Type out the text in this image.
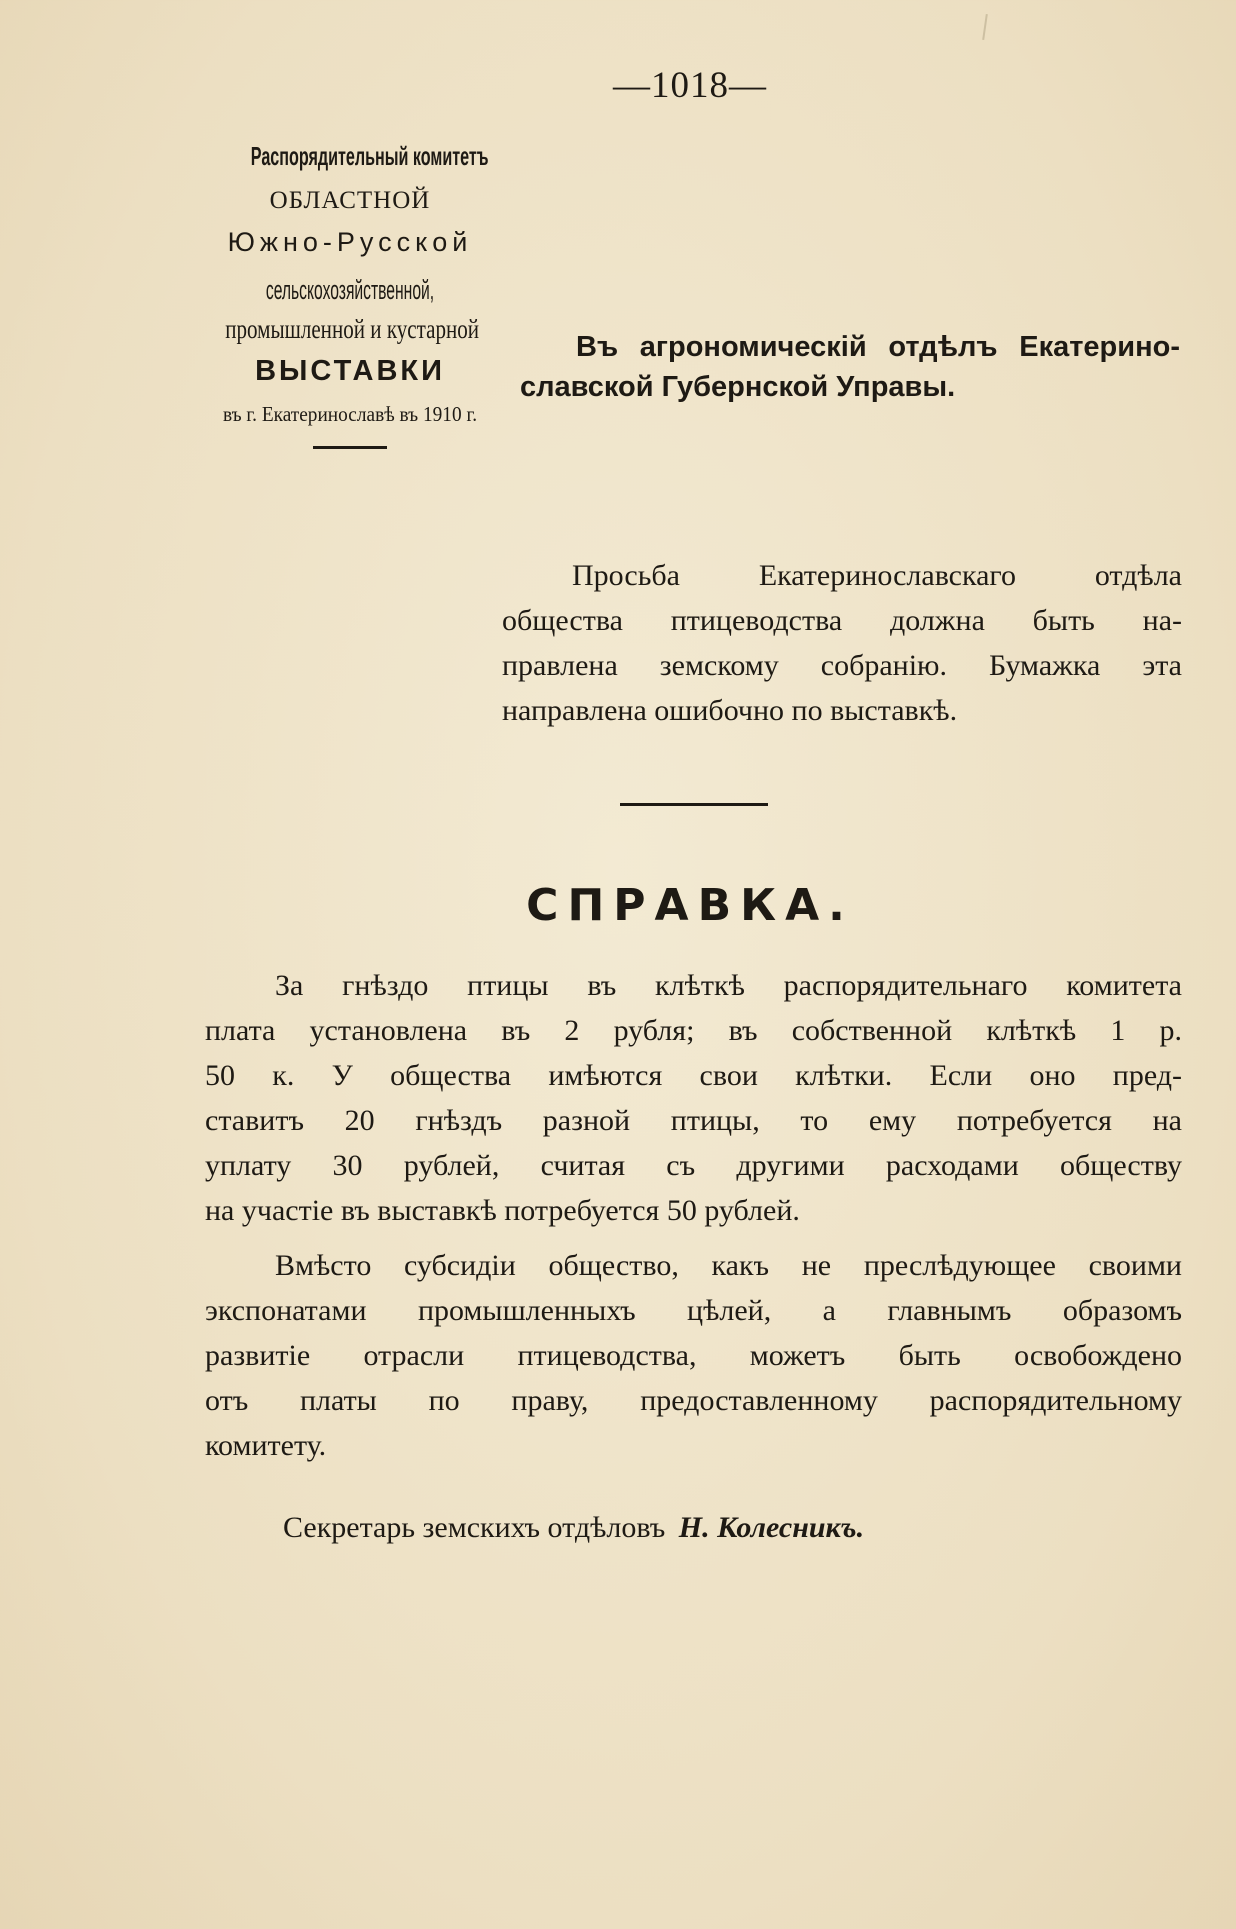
—1018—
Распорядительный комитетъ
ОБЛАСТНОЙ
Южно-Русской
сельскохозяйственной,
промышленной и кустарной
ВЫСТАВКИ
въ г. Екатеринославѣ въ 1910 г.
Въ агрономическій отдѣлъ Екатерино-
славской Губернской Управы.
Просьба Екатеринославскаго отдѣла
общества птицеводства должна быть на-
правлена земскому собранію. Бумажка эта
направлена ошибочно по выставкѣ.
СПРАВКА.
За гнѣздо птицы въ клѣткѣ распорядительнаго комитета
плата установлена въ 2 рубля; въ собственной клѣткѣ 1 р.
50 к. У общества имѣются свои клѣтки. Если оно пред-
ставитъ 20 гнѣздъ разной птицы, то ему потребуется на
уплату 30 рублей, считая съ другими расходами обществу
на участіе въ выставкѣ потребуется 50 рублей.
Вмѣсто субсидіи общество, какъ не преслѣдующее своими
экспонатами промышленныхъ цѣлей, а главнымъ образомъ
развитіе отрасли птицеводства, можетъ быть освобождено
отъ платы по праву, предоставленному распорядительному
комитету.
Секретарь земскихъ отдѣловъ Н. Колесникъ.
